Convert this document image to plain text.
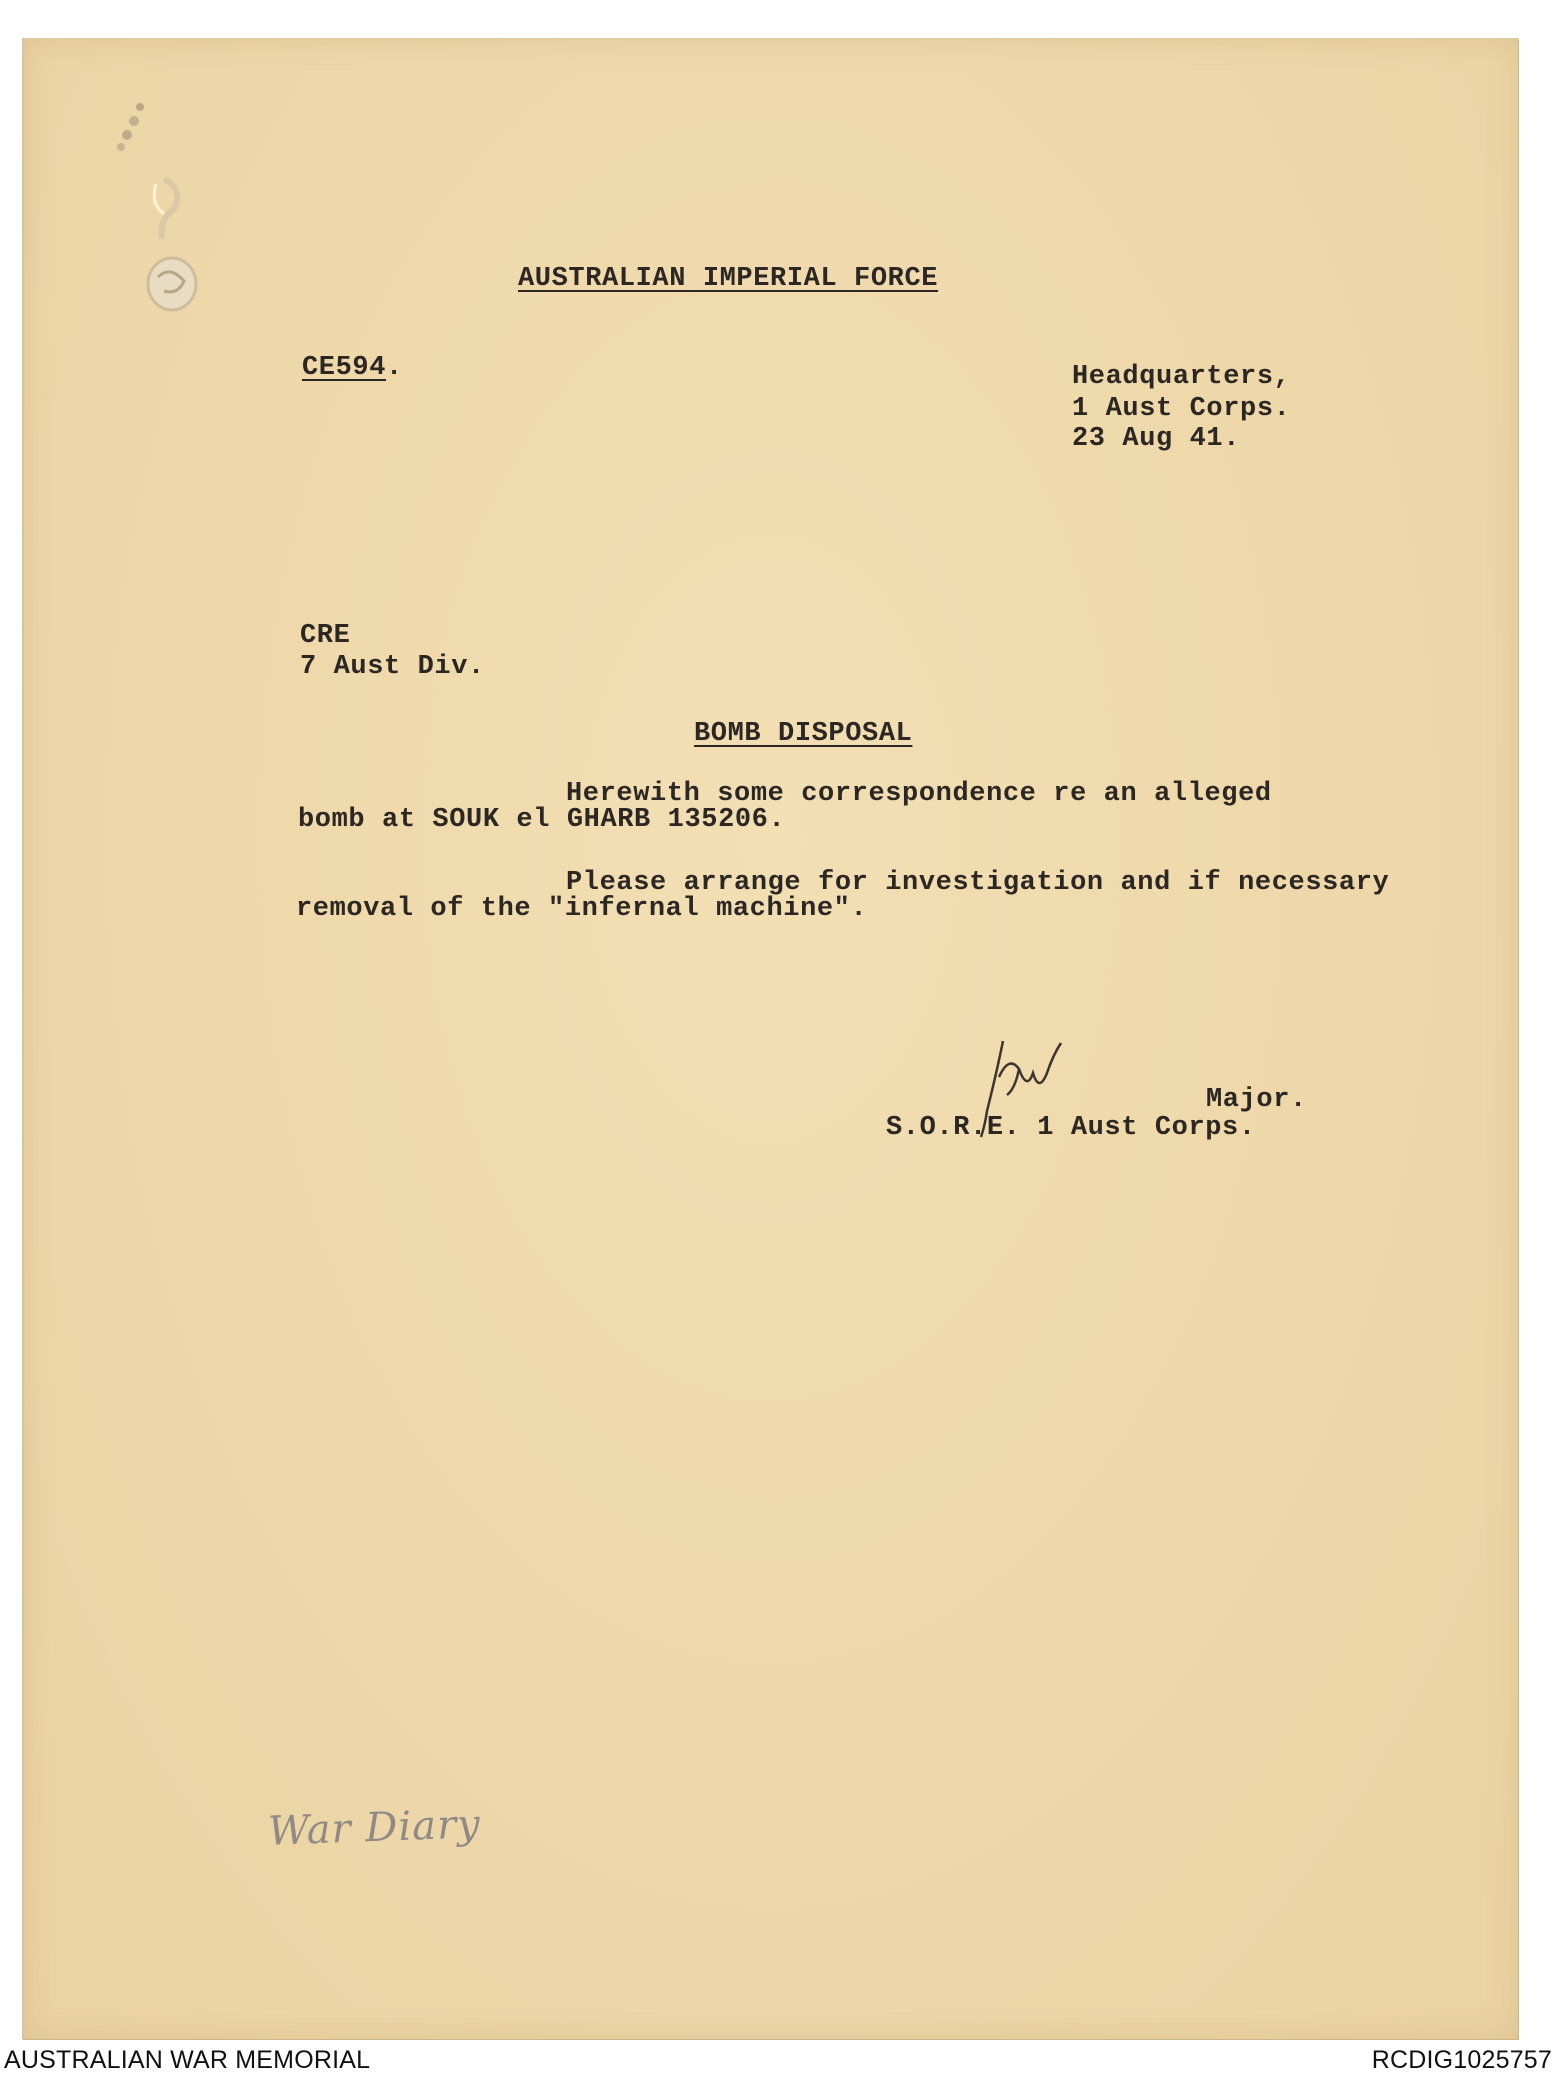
AUSTRALIAN IMPERIAL FORCE
CE594.	Headquarters,
1 Aust Corps.
23 Aug 41.
CRE
7 Aust Div.
BOMB DISPOSAL
Herewith some correspondence re an alleged
bomb at SOUK el GHARB 135206.
Please arrange for investigation and if necessary
removal of the "infernal machine".
Major.
S.O.R.E. 1 Aust Corps.
War Diary
AUSTRALIAN WAR MEMORIAL	RCDIG1025757
